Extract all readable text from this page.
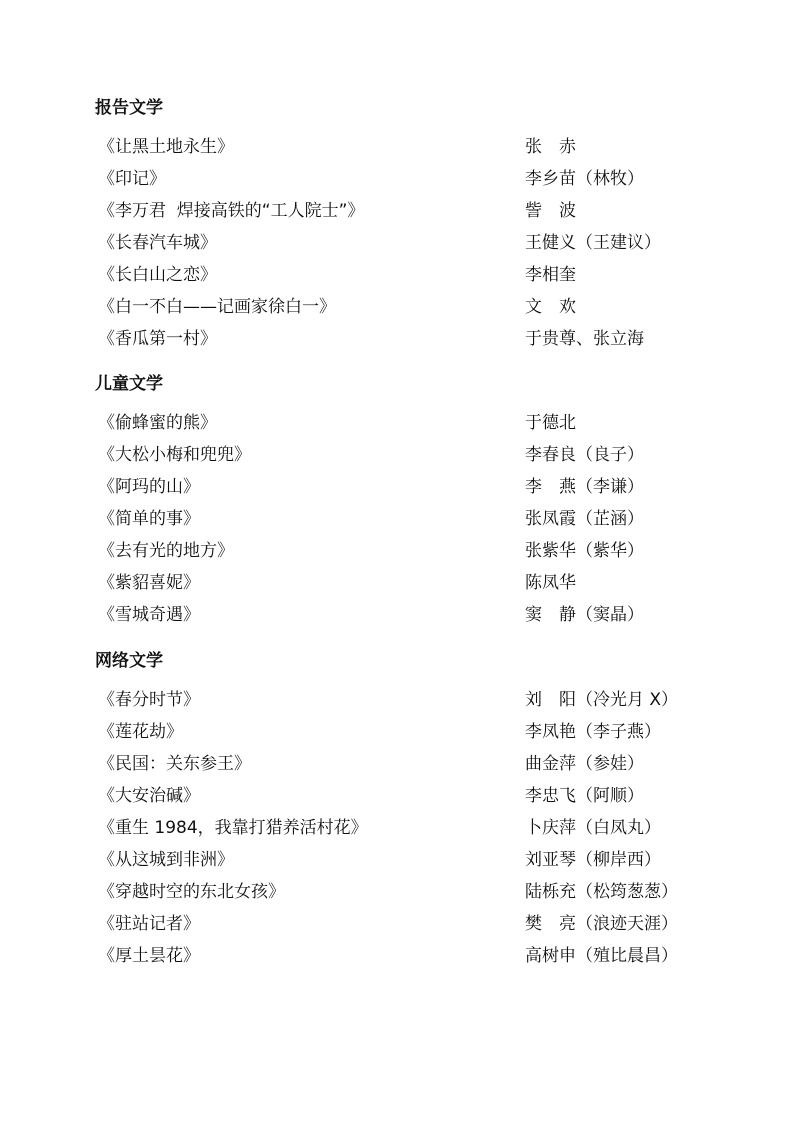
报告文学
《让黑土地永生》	张　赤
《印记》	李乡苗（林牧）
《李万君  焊接高铁的“工人院士”》	訾　波
《长春汽车城》	王健义（王建议）
《长白山之恋》	李相奎
《白一不白——记画家徐白一》	文　欢
《香瓜第一村》	于贵尊、张立海
儿童文学
《偷蜂蜜的熊》	于德北
《大松小梅和兜兜》	李春良（良子）
《阿玛的山》	李　燕（李谦）
《简单的事》	张凤霞（芷涵）
《去有光的地方》	张紫华（紫华）
《紫貂喜妮》	陈凤华
《雪城奇遇》	窦　静（窦晶）
网络文学
《春分时节》	刘　阳（冷光月 X）
《莲花劫》	李凤艳（李子燕）
《民国：关东参王》	曲金萍（参娃）
《大安治碱》	李忠飞（阿顺）
《重生 1984，我靠打猎养活村花》	卜庆萍（白凤丸）
《从这城到非洲》	刘亚琴（柳岸西）
《穿越时空的东北女孩》	陆栎充（松筠葱葱）
《驻站记者》	樊　亮（浪迹天涯）
《厚土昙花》	高树申（殖比晨昌）
